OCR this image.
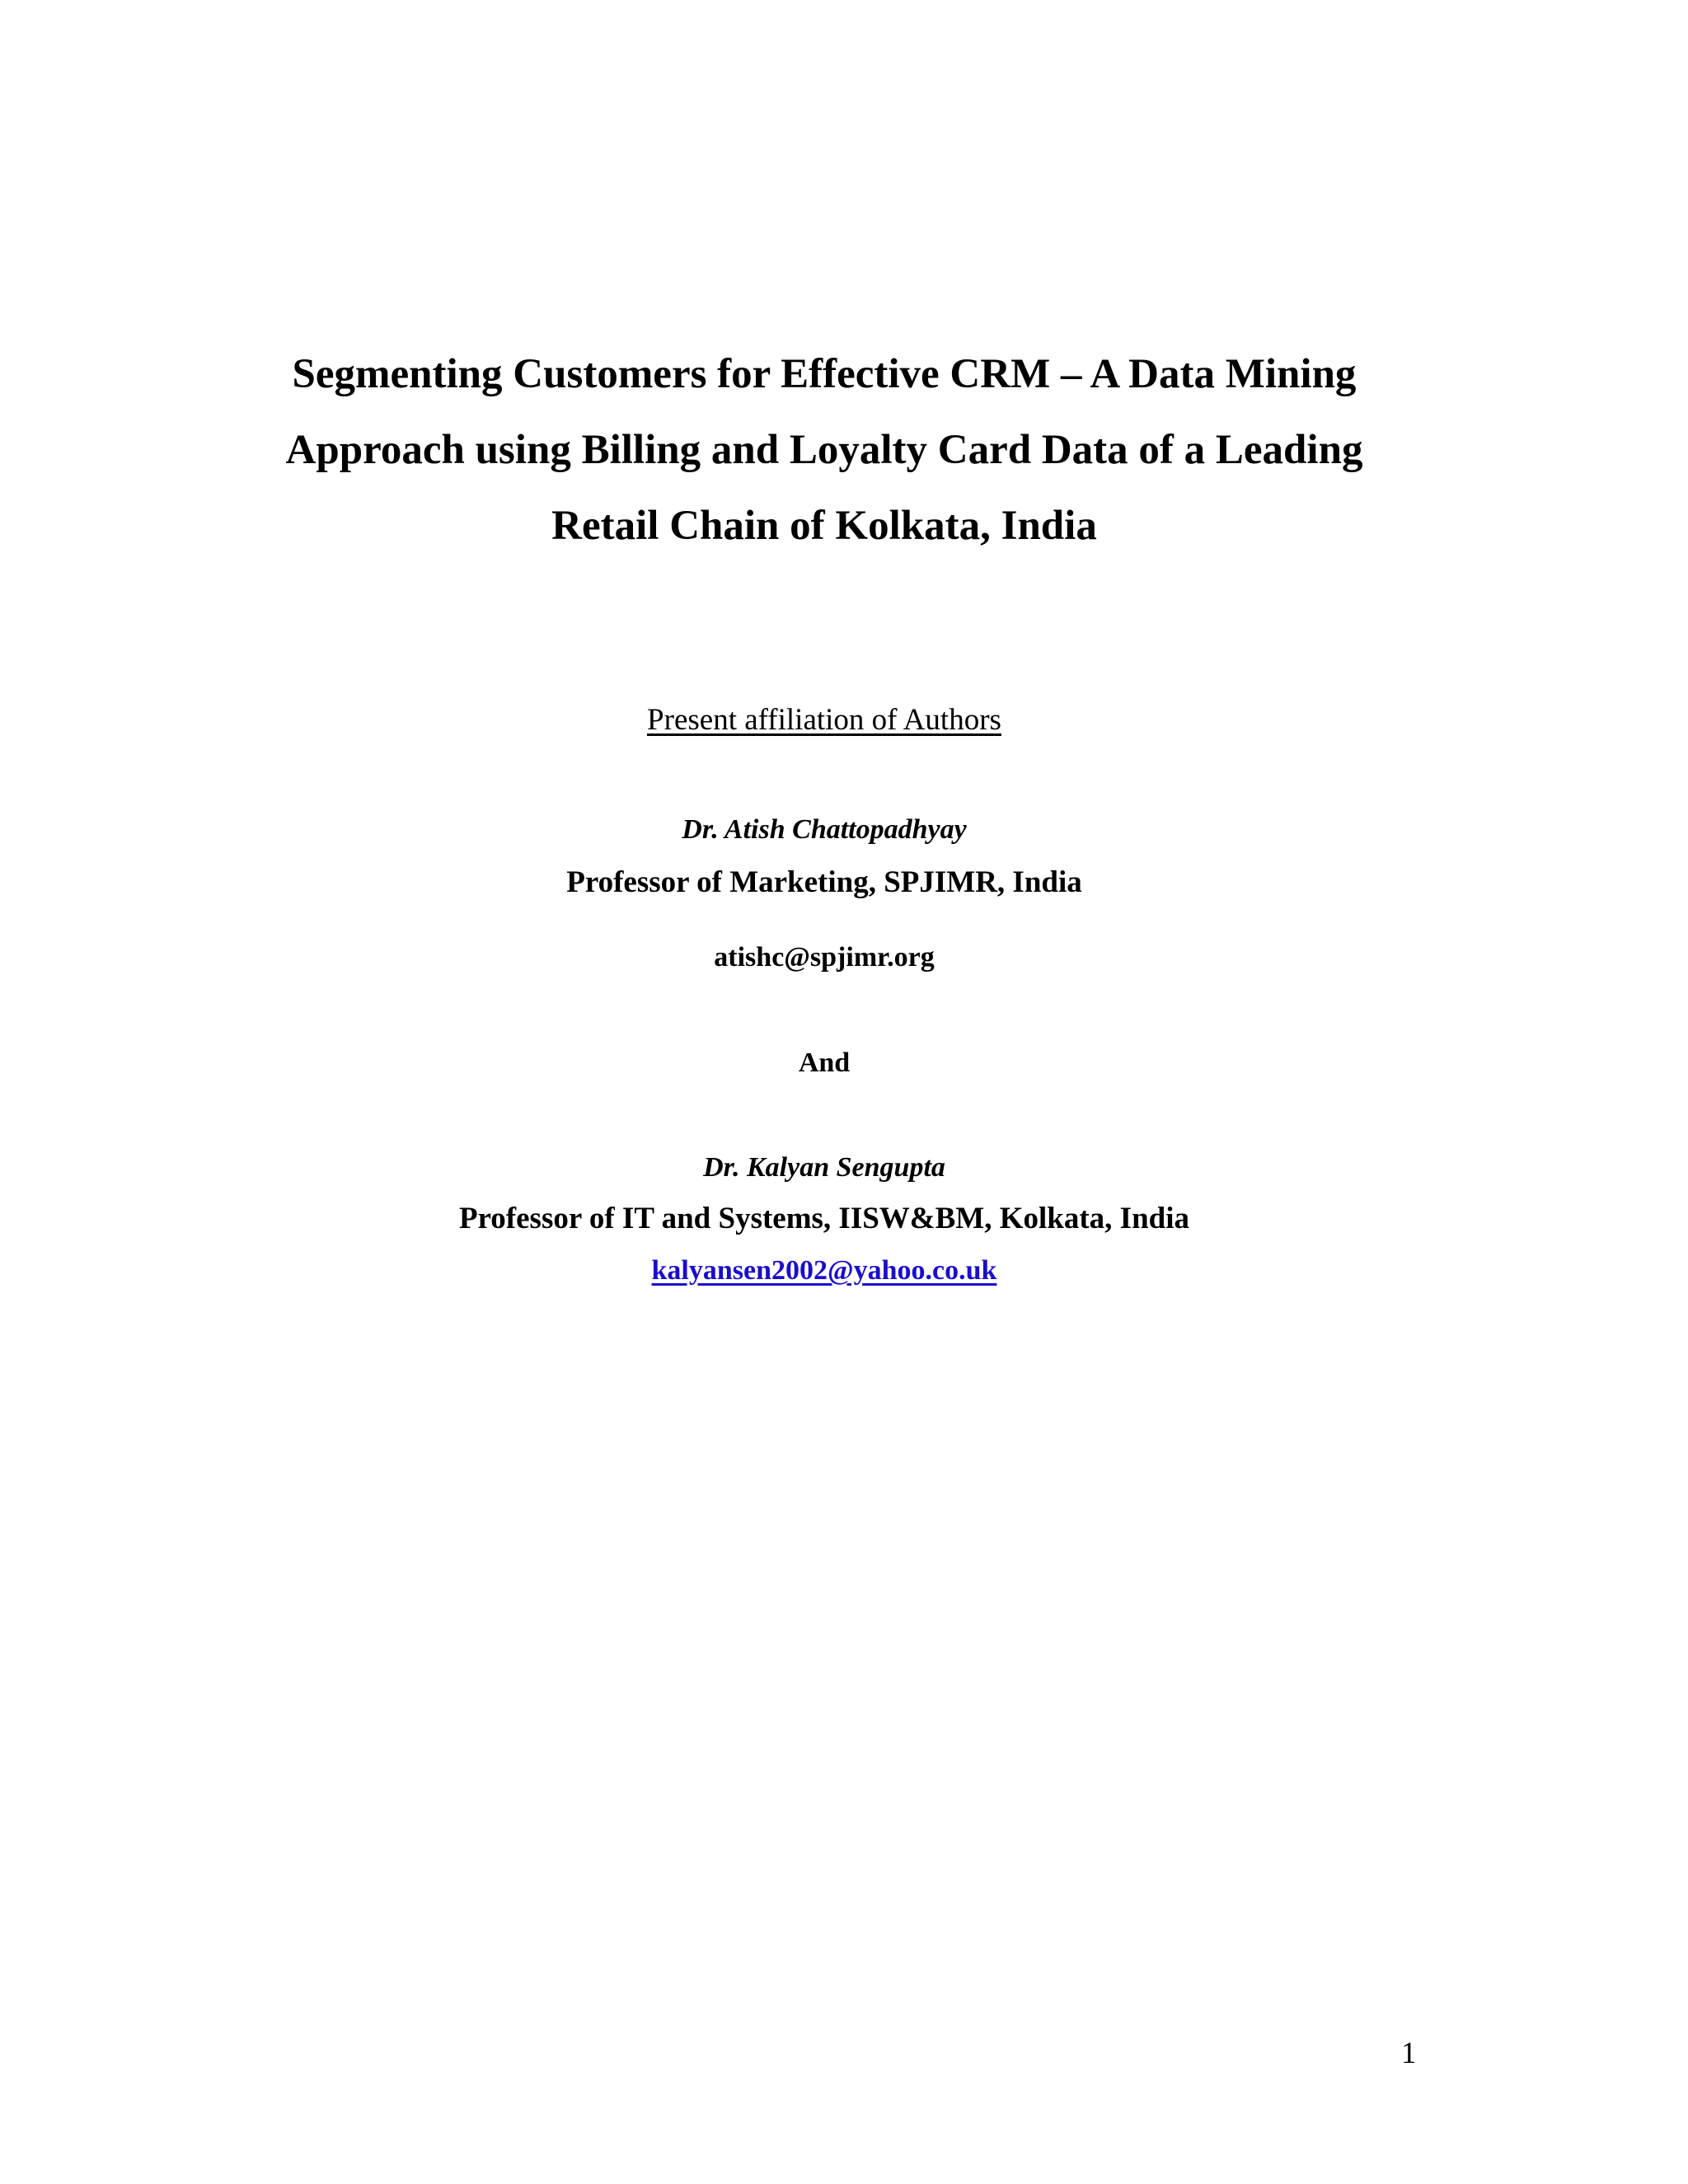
Segmenting Customers for Effective CRM – A Data Mining
Approach using Billing and Loyalty Card Data of a Leading
Retail Chain of Kolkata, India
Present affiliation of Authors
Dr. Atish Chattopadhyay
Professor of Marketing, SPJIMR, India
atishc@spjimr.org
And
Dr. Kalyan Sengupta
Professor of IT and Systems, IISW&BM, Kolkata, India
kalyansen2002@yahoo.co.uk
1
